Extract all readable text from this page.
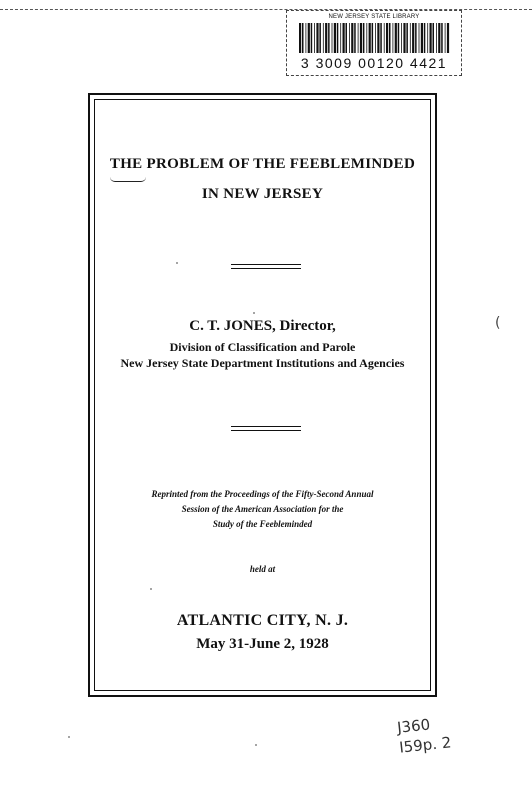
NEW JERSEY STATE LIBRARY
3 3009 00120 4421
THE PROBLEM OF THE FEEBLEMINDED
IN NEW JERSEY
C. T. JONES, Director,
Division of Classification and Parole
New Jersey State Department Institutions and Agencies
Reprinted from the Proceedings of the Fifty-Second Annual
Session of the American Association for the
Study of the Feebleminded
held at
ATLANTIC CITY, N. J.
May 31-June 2, 1928
(
J360
I59p. 2
